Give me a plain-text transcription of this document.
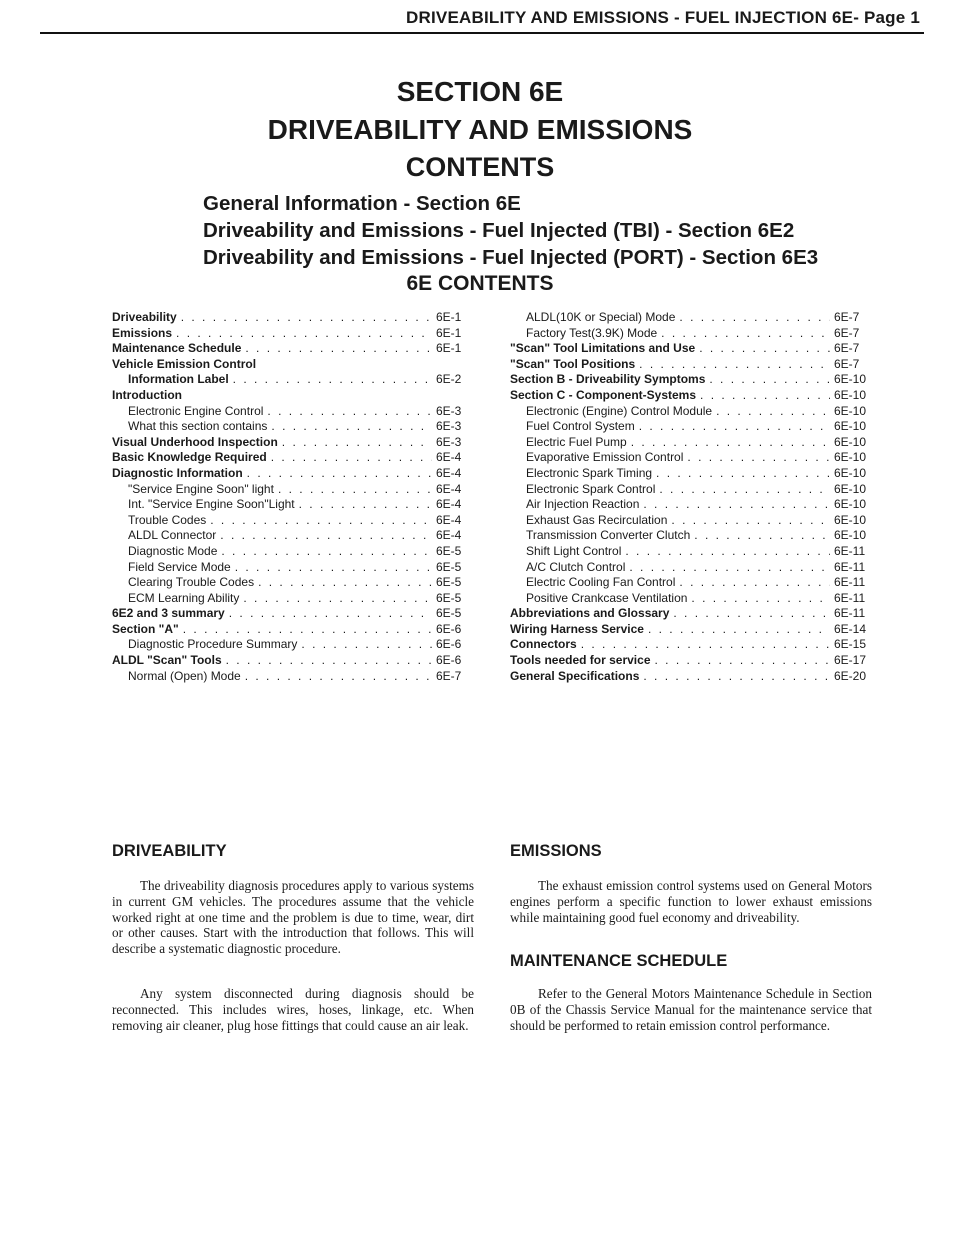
DRIVEABILITY AND EMISSIONS - FUEL INJECTION 6E- Page 1
SECTION 6E
DRIVEABILITY AND EMISSIONS
CONTENTS
General Information - Section 6E
Driveability and Emissions - Fuel Injected (TBI) - Section 6E2
Driveability and Emissions - Fuel Injected (PORT) - Section 6E3
6E CONTENTS
Driveability . . .	6E-1
Emissions . . .	6E-1
Maintenance Schedule . . .	6E-1
Vehicle Emission Control
Information Label . . .	6E-2
Introduction
Electronic Engine Control . . .	6E-3
What this section contains . . .	6E-3
Visual Underhood Inspection . . .	6E-3
Basic Knowledge Required . . .	6E-4
Diagnostic Information . . .	6E-4
"Service Engine Soon" light . . .	6E-4
Int. "Service Engine Soon"Light . . .	6E-4
Trouble Codes . . .	6E-4
ALDL Connector . . .	6E-4
Diagnostic Mode . . .	6E-5
Field Service Mode . . .	6E-5
Clearing Trouble Codes . . .	6E-5
ECM Learning Ability . . .	6E-5
6E2 and 3 summary . . .	6E-5
Section "A" . . .	6E-6
Diagnostic Procedure Summary . . .	6E-6
ALDL "Scan" Tools . . .	6E-6
Normal (Open) Mode . . .	6E-7
ALDL(10K or Special) Mode . . .	6E-7
Factory Test(3.9K) Mode . . .	6E-7
"Scan" Tool Limitations and Use . . .	6E-7
"Scan" Tool Positions . . .	6E-7
Section B - Driveability Symptoms . . .	6E-10
Section C - Component-Systems . . .	6E-10
Electronic (Engine) Control Module . . .	6E-10
Fuel Control System . . .	6E-10
Electric Fuel Pump . . .	6E-10
Evaporative Emission Control . . .	6E-10
Electronic Spark Timing . . .	6E-10
Electronic Spark Control . . .	6E-10
Air Injection Reaction . . .	6E-10
Exhaust Gas Recirculation . . .	6E-10
Transmission Converter Clutch . . .	6E-10
Shift Light Control . . .	6E-11
A/C Clutch Control . . .	6E-11
Electric Cooling Fan Control . . .	6E-11
Positive Crankcase Ventilation . . .	6E-11
Abbreviations and Glossary . . .	6E-11
Wiring Harness Service . . .	6E-14
Connectors . . .	6E-15
Tools needed for service . . .	6E-17
General Specifications . . .	6E-20
DRIVEABILITY
The driveability diagnosis procedures apply to various systems in current GM vehicles. The procedures assume that the vehicle worked right at one time and the problem is due to time, wear, dirt or other causes. Start with the introduction that follows. This will describe a systematic diagnostic procedure.
Any system disconnected during diagnosis should be reconnected. This includes wires, hoses, linkage, etc. When removing air cleaner, plug hose fittings that could cause an air leak.
EMISSIONS
The exhaust emission control systems used on General Motors engines perform a specific function to lower exhaust emissions while maintaining good fuel economy and driveability.
MAINTENANCE SCHEDULE
Refer to the General Motors Maintenance Schedule in Section 0B of the Chassis Service Manual for the maintenance service that should be performed to retain emission control performance.
